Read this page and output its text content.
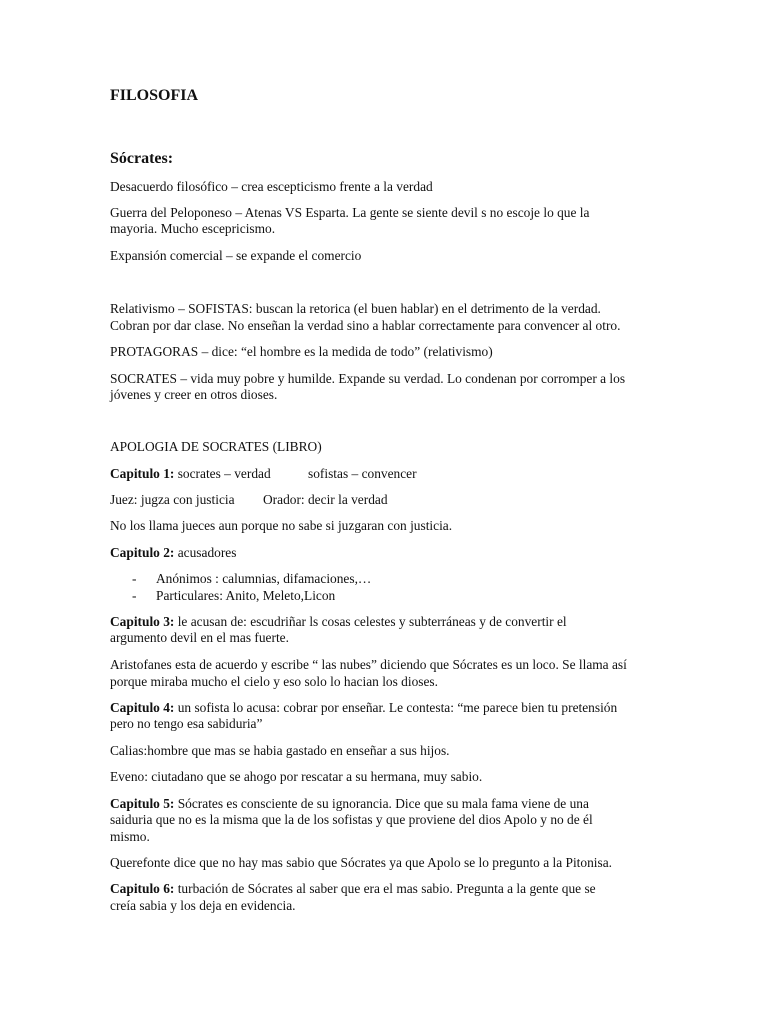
FILOSOFIA
Sócrates:
Desacuerdo filosófico – crea escepticismo frente a la verdad
Guerra del Peloponeso – Atenas VS Esparta. La gente se siente devil s no escoje lo que la
mayoria. Mucho escepricismo.
Expansión comercial – se expande el comercio
Relativismo – SOFISTAS: buscan la retorica (el buen hablar) en el detrimento de la verdad.
Cobran por dar clase. No enseñan la verdad sino a hablar correctamente para convencer al otro.
PROTAGORAS – dice: “el hombre es la medida de todo” (relativismo)
SOCRATES – vida muy pobre y humilde. Expande su verdad. Lo condenan por corromper a los
jóvenes y creer en otros dioses.
APOLOGIA DE SOCRATES (LIBRO)
Capitulo 1: socrates – verdad	sofistas – convencer
Juez: jugza con justicia Orador: decir la verdad
No los llama jueces aun porque no sabe si juzgaran con justicia.
Capitulo 2: acusadores
- Anónimos : calumnias, difamaciones,…
- Particulares: Anito, Meleto,Licon
Capitulo 3: le acusan de: escudriñar ls cosas celestes y subterráneas y de convertir el
argumento devil en el mas fuerte.
Aristofanes esta de acuerdo y escribe “ las nubes” diciendo que Sócrates es un loco. Se llama así
porque miraba mucho el cielo y eso solo lo hacian los dioses.
Capitulo 4: un sofista lo acusa: cobrar por enseñar. Le contesta: “me parece bien tu pretensión
pero no tengo esa sabiduria”
Calias:hombre que mas se habia gastado en enseñar a sus hijos.
Eveno: ciutadano que se ahogo por rescatar a su hermana, muy sabio.
Capitulo 5: Sócrates es consciente de su ignorancia. Dice que su mala fama viene de una
saiduria que no es la misma que la de los sofistas y que proviene del dios Apolo y no de él
mismo.
Querefonte dice que no hay mas sabio que Sócrates ya que Apolo se lo pregunto a la Pitonisa.
Capitulo 6: turbación de Sócrates al saber que era el mas sabio. Pregunta a la gente que se
creía sabia y los deja en evidencia.
